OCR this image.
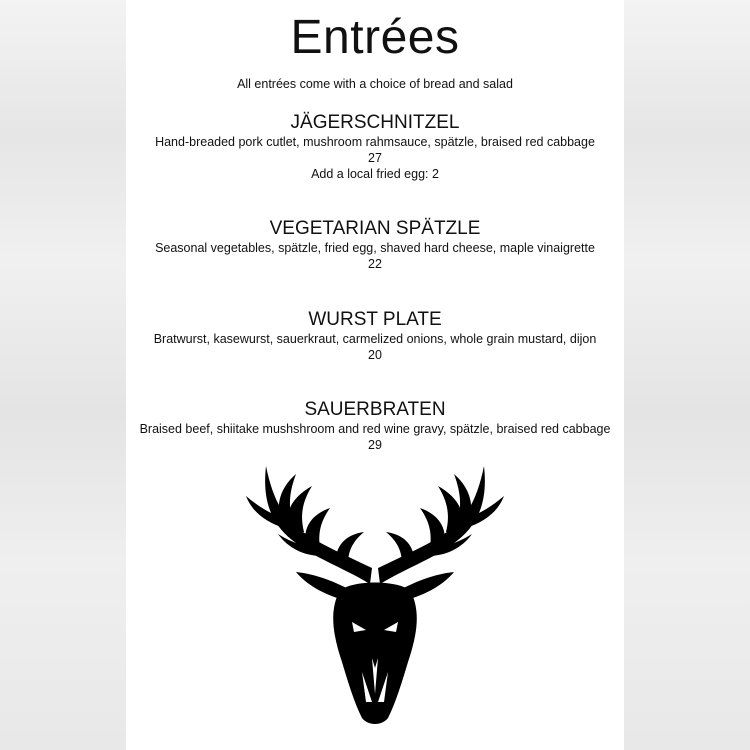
Entrées
All entrées come with a choice of bread and salad
JÄGERSCHNITZEL
Hand-breaded pork cutlet, mushroom rahmsauce, spätzle, braised red cabbage
27
Add a local fried egg: 2
VEGETARIAN SPÄTZLE
Seasonal vegetables, spätzle, fried egg, shaved hard cheese, maple vinaigrette
22
WURST PLATE
Bratwurst, kasewurst, sauerkraut, carmelized onions, whole grain mustard, dijon
20
SAUERBRATEN
Braised beef, shiitake mushshroom and red wine gravy, spätzle, braised red cabbage
29
